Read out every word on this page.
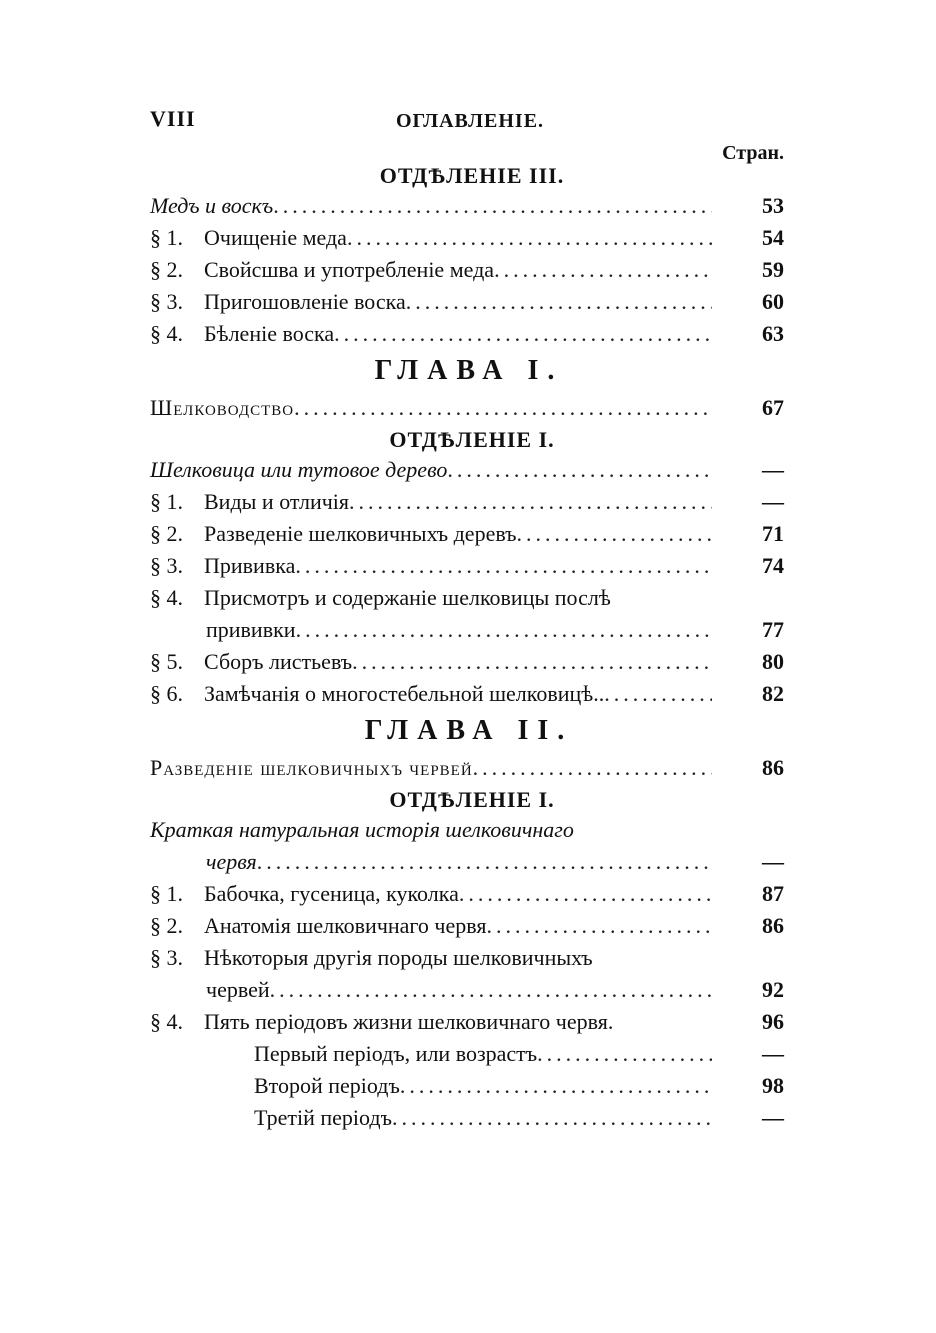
VIII	ОГЛАВЛЕНIЕ.
Стран.
ОТДѢЛЕНIЕ III.
Медъ и воскъ .....	53
§ 1. Очищенiе меда .....	54
§ 2. Свойсшва и употребленiе меда .....	59
§ 3. Пригошовленiе воска .....	60
§ 4. Бѣленiе воска .....	63
ГЛАВА I.
Шелководство .....	67
ОТДѢЛЕНIЕ I.
Шелковица или тутовое дерево .....	—
§ 1. Виды и отличiя .....	—
§ 2. Разведенiе шелковичныхъ деревъ .....	71
§ 3. Прививка .....	74
§ 4. Присмотръ и содержанiе шелковицы послѣ
прививки .....	77
§ 5. Сборъ листьевъ .....	80
§ 6. Замѣчанiя о многостебельной шелковицѣ.. .....	82
ГЛАВА II.
Разведенiе шелковичныхъ червей .....	86
ОТДѢЛЕНIЕ I.
Краткая натуральная исторiя шелковичнаго
червя .....	—
§ 1. Бабочка, гусеница, куколка .....	87
§ 2. Анатомiя шелковичнаго червя .....	86
§ 3. Нѣкоторыя другiя породы шелковичныхъ
червей .....	92
§ 4. Пять перiодовъ жизни шелковичнаго червя.	96
Первый перiодъ, или возрастъ .....	—
Второй перiодъ .....	98
Третiй перiодъ .....	—
